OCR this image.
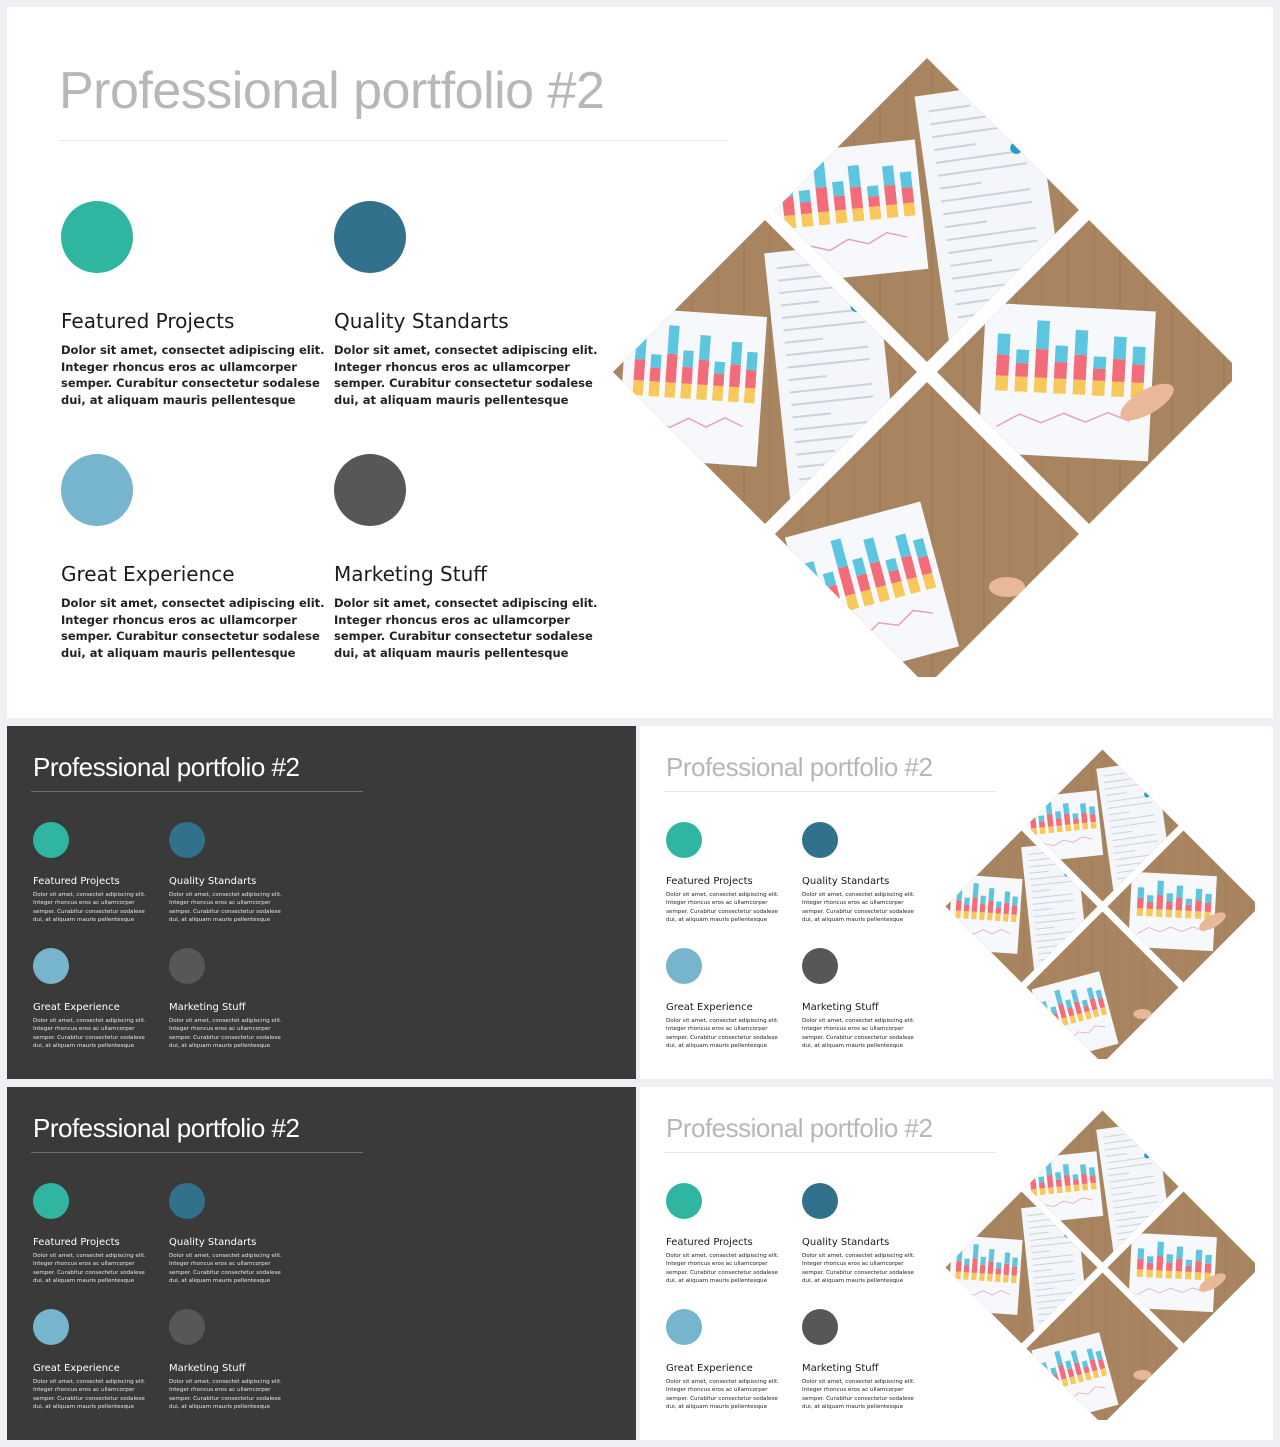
Professional portfolio #2
Featured Projects
Dolor sit amet, consectet adipiscing elit.
Integer rhoncus eros ac ullamcorper
semper. Curabitur consectetur sodalese
dui, at aliquam mauris pellentesque
Quality Standarts
Dolor sit amet, consectet adipiscing elit.
Integer rhoncus eros ac ullamcorper
semper. Curabitur consectetur sodalese
dui, at aliquam mauris pellentesque
Great Experience
Dolor sit amet, consectet adipiscing elit.
Integer rhoncus eros ac ullamcorper
semper. Curabitur consectetur sodalese
dui, at aliquam mauris pellentesque
Marketing Stuff
Dolor sit amet, consectet adipiscing elit.
Integer rhoncus eros ac ullamcorper
semper. Curabitur consectetur sodalese
dui, at aliquam mauris pellentesque
Professional portfolio #2
Featured Projects
Dolor sit amet, consectet adipiscing elit.
Integer rhoncus eros ac ullamcorper
semper. Curabitur consectetur sodalese
dui, at aliquam mauris pellentesque
Quality Standarts
Dolor sit amet, consectet adipiscing elit.
Integer rhoncus eros ac ullamcorper
semper. Curabitur consectetur sodalese
dui, at aliquam mauris pellentesque
Great Experience
Dolor sit amet, consectet adipiscing elit.
Integer rhoncus eros ac ullamcorper
semper. Curabitur consectetur sodalese
dui, at aliquam mauris pellentesque
Marketing Stuff
Dolor sit amet, consectet adipiscing elit.
Integer rhoncus eros ac ullamcorper
semper. Curabitur consectetur sodalese
dui, at aliquam mauris pellentesque
Professional portfolio #2
Featured Projects
Dolor sit amet, consectet adipiscing elit.
Integer rhoncus eros ac ullamcorper
semper. Curabitur consectetur sodalese
dui, at aliquam mauris pellentesque
Quality Standarts
Dolor sit amet, consectet adipiscing elit.
Integer rhoncus eros ac ullamcorper
semper. Curabitur consectetur sodalese
dui, at aliquam mauris pellentesque
Great Experience
Dolor sit amet, consectet adipiscing elit.
Integer rhoncus eros ac ullamcorper
semper. Curabitur consectetur sodalese
dui, at aliquam mauris pellentesque
Marketing Stuff
Dolor sit amet, consectet adipiscing elit.
Integer rhoncus eros ac ullamcorper
semper. Curabitur consectetur sodalese
dui, at aliquam mauris pellentesque
Professional portfolio #2
Featured Projects
Dolor sit amet, consectet adipiscing elit.
Integer rhoncus eros ac ullamcorper
semper. Curabitur consectetur sodalese
dui, at aliquam mauris pellentesque
Quality Standarts
Dolor sit amet, consectet adipiscing elit.
Integer rhoncus eros ac ullamcorper
semper. Curabitur consectetur sodalese
dui, at aliquam mauris pellentesque
Great Experience
Dolor sit amet, consectet adipiscing elit.
Integer rhoncus eros ac ullamcorper
semper. Curabitur consectetur sodalese
dui, at aliquam mauris pellentesque
Marketing Stuff
Dolor sit amet, consectet adipiscing elit.
Integer rhoncus eros ac ullamcorper
semper. Curabitur consectetur sodalese
dui, at aliquam mauris pellentesque
Professional portfolio #2
Featured Projects
Dolor sit amet, consectet adipiscing elit.
Integer rhoncus eros ac ullamcorper
semper. Curabitur consectetur sodalese
dui, at aliquam mauris pellentesque
Quality Standarts
Dolor sit amet, consectet adipiscing elit.
Integer rhoncus eros ac ullamcorper
semper. Curabitur consectetur sodalese
dui, at aliquam mauris pellentesque
Great Experience
Dolor sit amet, consectet adipiscing elit.
Integer rhoncus eros ac ullamcorper
semper. Curabitur consectetur sodalese
dui, at aliquam mauris pellentesque
Marketing Stuff
Dolor sit amet, consectet adipiscing elit.
Integer rhoncus eros ac ullamcorper
semper. Curabitur consectetur sodalese
dui, at aliquam mauris pellentesque
